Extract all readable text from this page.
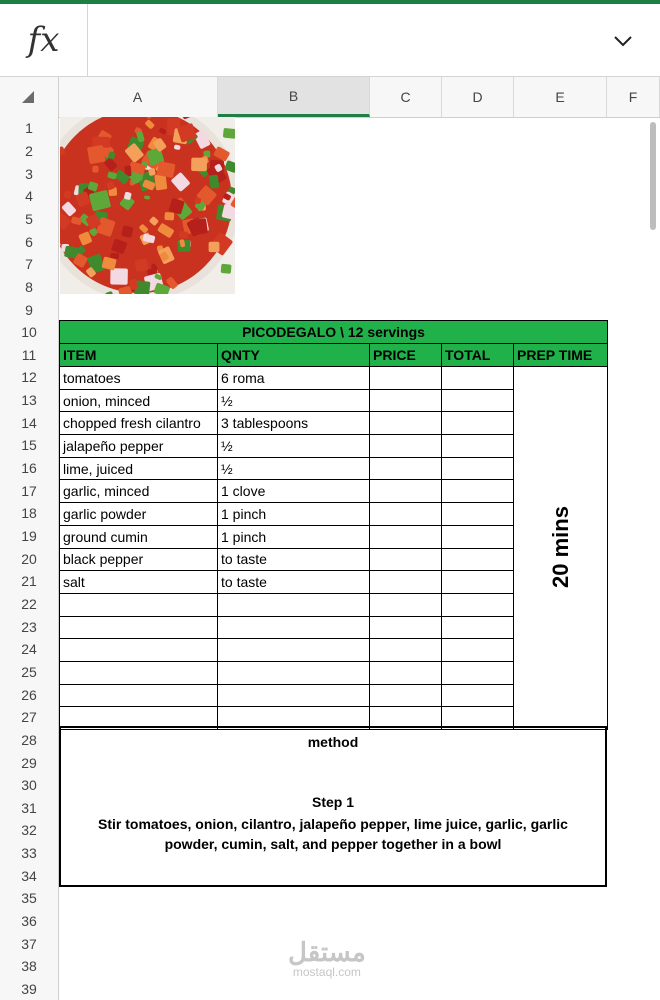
fx
A	B	C	D	E	F
1
2
3
4
5
6
7
8
9
10
11
12
13
14
15
16
17
18
19
20
21
22
23
24
25
26
27
28
29
30
31
32
33
34
35
36
37
38
39
PICODEGALO \ 12 servings				
ITEM	QNTY	PRICE	TOTAL	PREP TIME
tomatoes	6 roma			20 mins
onion, minced	½			
chopped fresh cilantro	3 tablespoons			
jalapeño pepper	½			
lime, juiced	½			
garlic, minced	1 clove			
garlic powder	1 pinch			
ground cumin	1 pinch			
black pepper	to taste			
salt	to taste			

method
Step 1
Stir tomatoes, onion, cilantro, jalapeño pepper, lime juice, garlic, garlic powder, cumin, salt, and pepper together in a bowl
مستقل
mostaql.com
